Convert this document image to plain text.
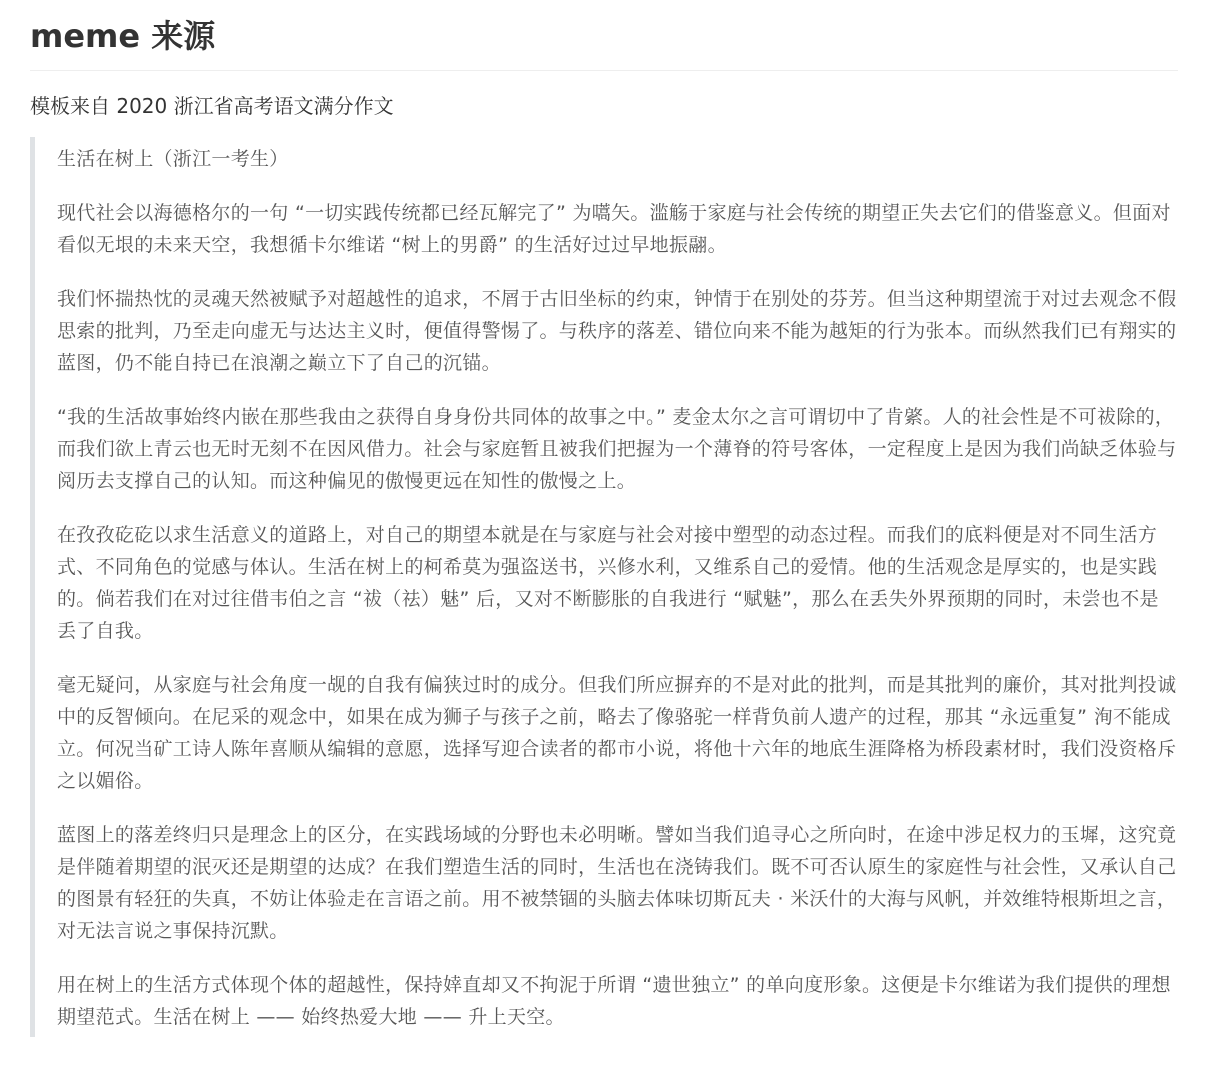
meme 来源

模板来自 2020 浙江省高考语文满分作文

生活在树上（浙江一考生）

现代社会以海德格尔的一句 “一切实践传统都已经瓦解完了” 为嚆矢。滥觞于家庭与社会传统的期望正失去它们的借鉴意义。但面对看似无垠的未来天空，我想循卡尔维诺 “树上的男爵” 的生活好过过早地振翮。

我们怀揣热忱的灵魂天然被赋予对超越性的追求，不屑于古旧坐标的约束，钟情于在别处的芬芳。但当这种期望流于对过去观念不假思索的批判，乃至走向虚无与达达主义时，便值得警惕了。与秩序的落差、错位向来不能为越矩的行为张本。而纵然我们已有翔实的蓝图，仍不能自持已在浪潮之巅立下了自己的沉锚。

“我的生活故事始终内嵌在那些我由之获得自身身份共同体的故事之中。” 麦金太尔之言可谓切中了肯綮。人的社会性是不可祓除的，而我们欲上青云也无时无刻不在因风借力。社会与家庭暂且被我们把握为一个薄脊的符号客体，一定程度上是因为我们尚缺乏体验与阅历去支撑自己的认知。而这种偏见的傲慢更远在知性的傲慢之上。

在孜孜矻矻以求生活意义的道路上，对自己的期望本就是在与家庭与社会对接中塑型的动态过程。而我们的底料便是对不同生活方式、不同角色的觉感与体认。生活在树上的柯希莫为强盗送书，兴修水利，又维系自己的爱情。他的生活观念是厚实的，也是实践的。倘若我们在对过往借韦伯之言 “祓（祛）魅” 后，又对不断膨胀的自我进行 “赋魅”，那么在丢失外界预期的同时，未尝也不是丢了自我。

毫无疑问，从家庭与社会角度一觇的自我有偏狭过时的成分。但我们所应摒弃的不是对此的批判，而是其批判的廉价，其对批判投诚中的反智倾向。在尼采的观念中，如果在成为狮子与孩子之前，略去了像骆驼一样背负前人遗产的过程，那其 “永远重复” 洵不能成立。何况当矿工诗人陈年喜顺从编辑的意愿，选择写迎合读者的都市小说，将他十六年的地底生涯降格为桥段素材时，我们没资格斥之以媚俗。

蓝图上的落差终归只是理念上的区分，在实践场域的分野也未必明晰。譬如当我们追寻心之所向时，在途中涉足权力的玉墀，这究竟是伴随着期望的泯灭还是期望的达成？在我们塑造生活的同时，生活也在浇铸我们。既不可否认原生的家庭性与社会性，又承认自己的图景有轻狂的失真，不妨让体验走在言语之前。用不被禁锢的头脑去体味切斯瓦夫 · 米沃什的大海与风帆，并效维特根斯坦之言，对无法言说之事保持沉默。

用在树上的生活方式体现个体的超越性，保持婞直却又不拘泥于所谓 “遗世独立” 的单向度形象。这便是卡尔维诺为我们提供的理想期望范式。生活在树上 —— 始终热爱大地 —— 升上天空。
